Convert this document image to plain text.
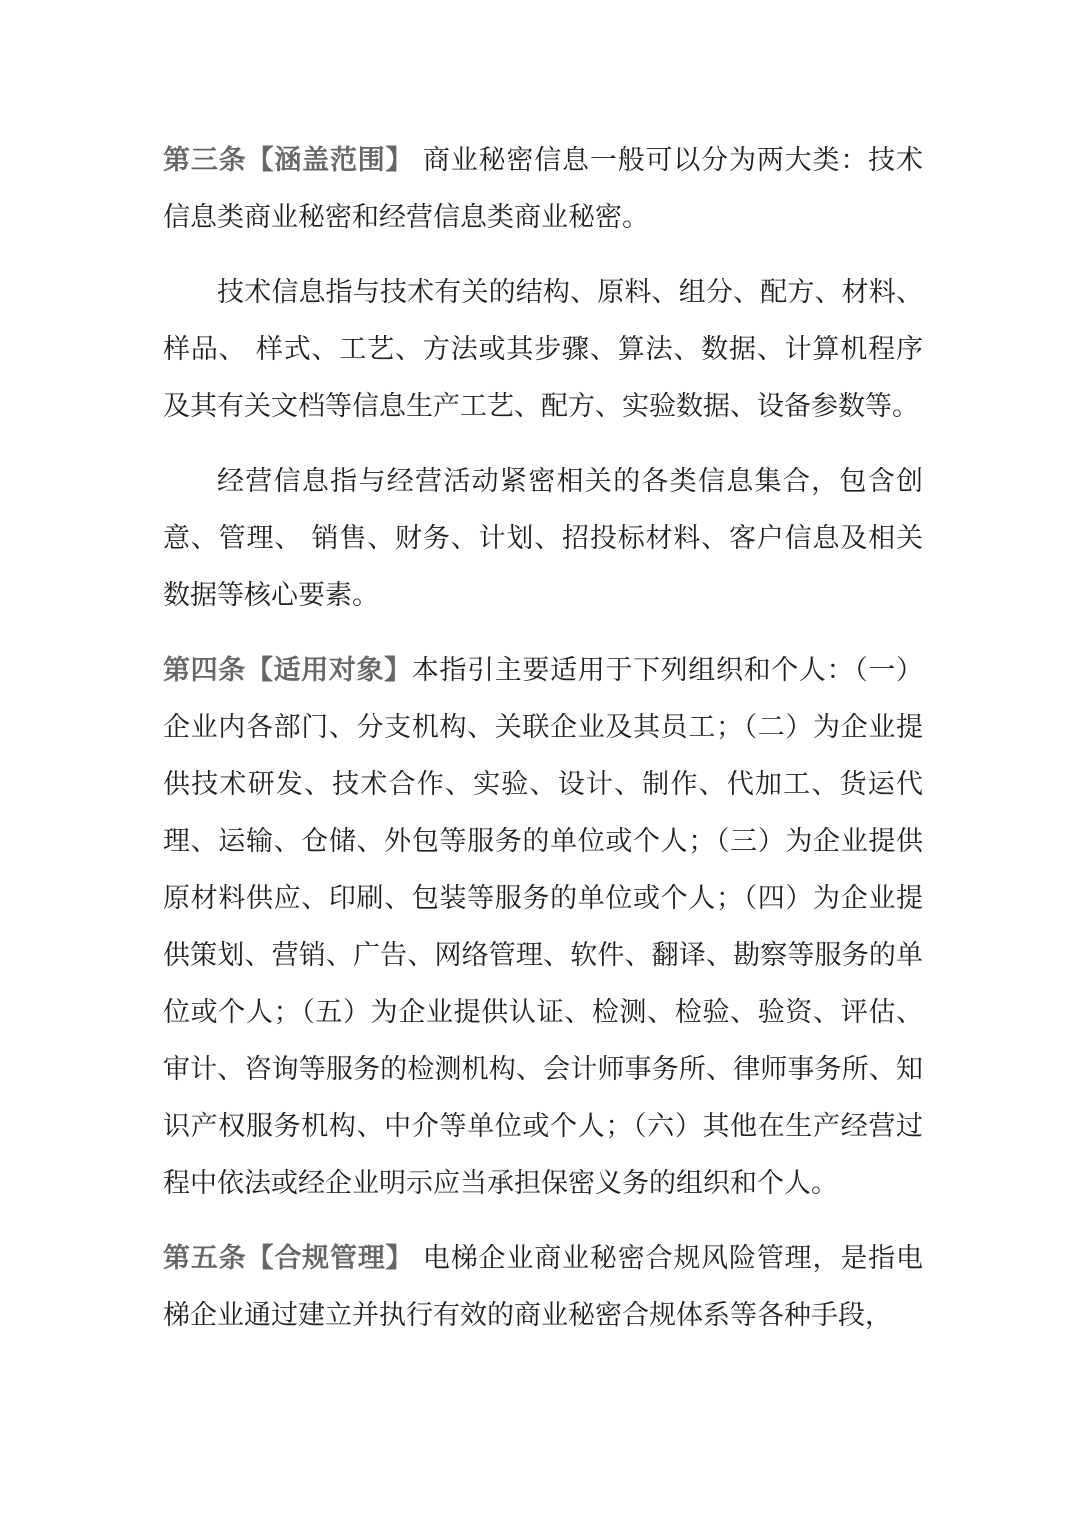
第三条【涵盖范围】 商业秘密信息一般可以分为两大类：技术信息类商业秘密和经营信息类商业秘密。

技术信息指与技术有关的结构、原料、组分、配方、材料、样品、 样式、工艺、方法或其步骤、算法、数据、计算机程序及其有关文档等信息生产工艺、配方、实验数据、设备参数等。

经营信息指与经营活动紧密相关的各类信息集合，包含创意、管理、 销售、财务、计划、招投标材料、客户信息及相关数据等核心要素。

第四条【适用对象】本指引主要适用于下列组织和个人：（一）企业内各部门、分支机构、关联企业及其员工；（二）为企业提供技术研发、技术合作、实验、设计、制作、代加工、货运代理、运输、仓储、外包等服务的单位或个人；（三）为企业提供原材料供应、印刷、包装等服务的单位或个人；（四）为企业提供策划、营销、广告、网络管理、软件、翻译、勘察等服务的单位或个人；（五）为企业提供认证、检测、检验、验资、评估、审计、咨询等服务的检测机构、会计师事务所、律师事务所、知识产权服务机构、中介等单位或个人；（六）其他在生产经营过程中依法或经企业明示应当承担保密义务的组织和个人。

第五条【合规管理】 电梯企业商业秘密合规风险管理，是指电梯企业通过建立并执行有效的商业秘密合规体系等各种手段，
